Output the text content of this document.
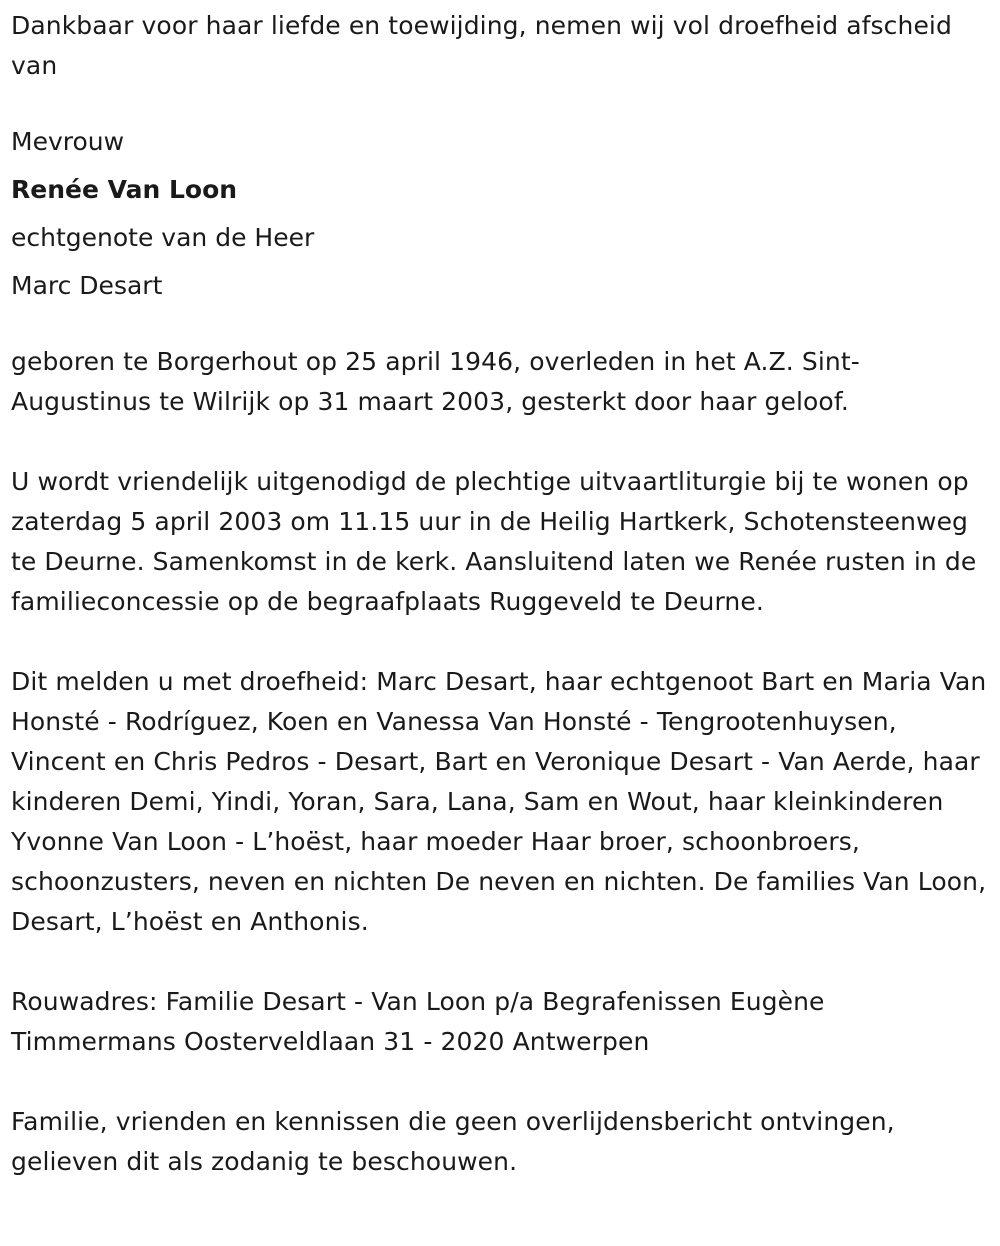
Dankbaar voor haar liefde en toewijding, nemen wij vol droefheid afscheid van

Mevrouw

Renée Van Loon

echtgenote van de Heer

Marc Desart

geboren te Borgerhout op 25 april 1946, overleden in het A.Z. Sint-Augustinus te Wilrijk op 31 maart 2003, gesterkt door haar geloof.

U wordt vriendelijk uitgenodigd de plechtige uitvaartliturgie bij te wonen op zaterdag 5 april 2003 om 11.15 uur in de Heilig Hartkerk, Schotensteenweg te Deurne. Samenkomst in de kerk. Aansluitend laten we Renée rusten in de familieconcessie op de begraafplaats Ruggeveld te Deurne.

Dit melden u met droefheid: Marc Desart, haar echtgenoot Bart en Maria Van Honsté - Rodríguez, Koen en Vanessa Van Honsté - Tengrootenhuysen, Vincent en Chris Pedros - Desart, Bart en Veronique Desart - Van Aerde, haar kinderen Demi, Yindi, Yoran, Sara, Lana, Sam en Wout, haar kleinkinderen Yvonne Van Loon - L’hoëst, haar moeder Haar broer, schoonbroers, schoonzusters, neven en nichten De neven en nichten. De families Van Loon, Desart, L’hoëst en Anthonis.

Rouwadres: Familie Desart - Van Loon p/a Begrafenissen Eugène Timmermans Oosterveldlaan 31 - 2020 Antwerpen

Familie, vrienden en kennissen die geen overlijdensbericht ontvingen, gelieven dit als zodanig te beschouwen.
